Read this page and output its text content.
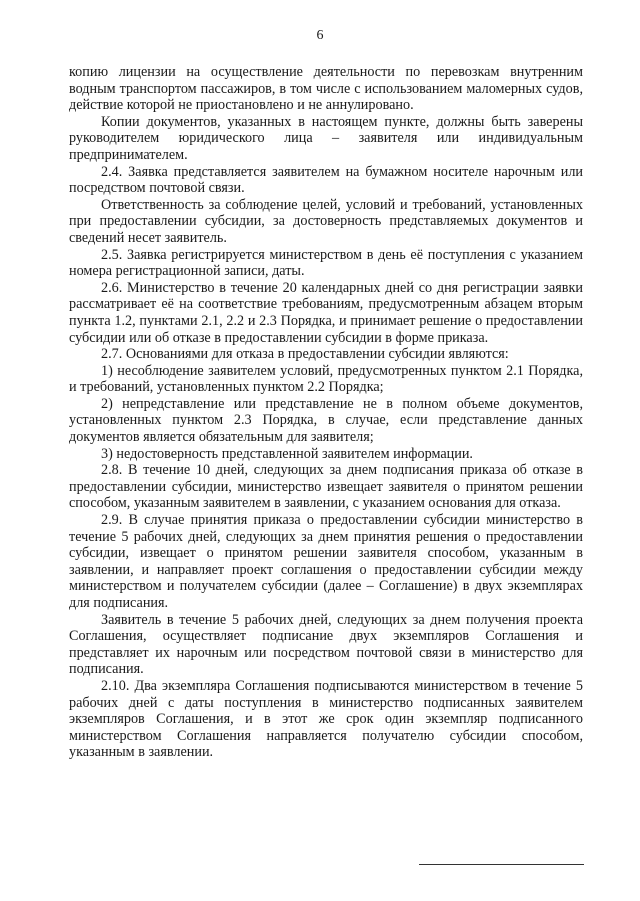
6

копию лицензии на осуществление деятельности по перевозкам внутренним водным транспортом пассажиров, в том числе с использованием маломерных судов, действие которой не приостановлено и не аннулировано.

Копии документов, указанных в настоящем пункте, должны быть заверены руководителем юридического лица – заявителя или индивидуальным предпринимателем.

2.4. Заявка представляется заявителем на бумажном носителе нарочным или посредством почтовой связи.

Ответственность за соблюдение целей, условий и требований, установленных при предоставлении субсидии, за достоверность представляемых документов и сведений несет заявитель.

2.5. Заявка регистрируется министерством в день её поступления с указанием номера регистрационной записи, даты.

2.6. Министерство в течение 20 календарных дней со дня регистрации заявки рассматривает её на соответствие требованиям, предусмотренным абзацем вторым пункта 1.2, пунктами 2.1, 2.2 и 2.3 Порядка, и принимает решение о предоставлении субсидии или об отказе в предоставлении субсидии в форме приказа.

2.7. Основаниями для отказа в предоставлении субсидии являются:

1) несоблюдение заявителем условий, предусмотренных пунктом 2.1 Порядка, и требований, установленных пунктом 2.2 Порядка;

2) непредставление или представление не в полном объеме документов, установленных пунктом 2.3 Порядка, в случае, если представление данных документов является обязательным для заявителя;

3) недостоверность представленной заявителем информации.

2.8. В течение 10 дней, следующих за днем подписания приказа об отказе в предоставлении субсидии, министерство извещает заявителя о принятом решении способом, указанным заявителем в заявлении, с указанием основания для отказа.

2.9. В случае принятия приказа о предоставлении субсидии министерство в течение 5 рабочих дней, следующих за днем принятия решения о предоставлении субсидии, извещает о принятом решении заявителя способом, указанным в заявлении, и направляет проект соглашения о предоставлении субсидии между министерством и получателем субсидии (далее – Соглашение) в двух экземплярах для подписания.

Заявитель в течение 5 рабочих дней, следующих за днем получения проекта Соглашения, осуществляет подписание двух экземпляров Соглашения и представляет их нарочным или посредством почтовой связи в министерство для подписания.

2.10. Два экземпляра Соглашения подписываются министерством в течение 5 рабочих дней с даты поступления в министерство подписанных заявителем экземпляров Соглашения, и в этот же срок один экземпляр подписанного министерством Соглашения направляется получателю субсидии способом, указанным в заявлении.
